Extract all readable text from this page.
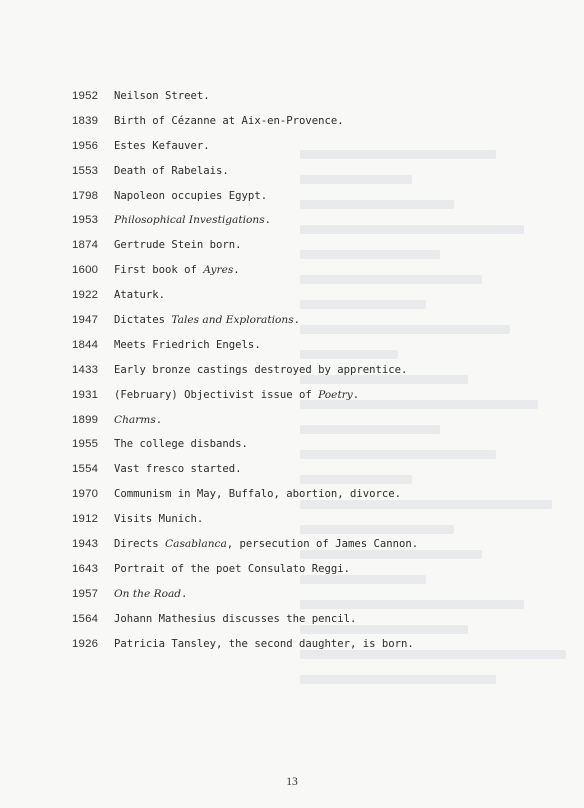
1952	Neilson Street.
1839	Birth of Cézanne at Aix-en-Provence.
1956	Estes Kefauver.
1553	Death of Rabelais.
1798	Napoleon occupies Egypt.
1953	Philosophical Investigations.
1874	Gertrude Stein born.
1600	First book of Ayres.
1922	Ataturk.
1947	Dictates Tales and Explorations.
1844	Meets Friedrich Engels.
1433	Early bronze castings destroyed by apprentice.
1931	(February) Objectivist issue of Poetry.
1899	Charms.
1955	The college disbands.
1554	Vast fresco started.
1970	Communism in May, Buffalo, abortion, divorce.
1912	Visits Munich.
1943	Directs Casablanca, persecution of James Cannon.
1643	Portrait of the poet Consulato Reggi.
1957	On the Road.
1564	Johann Mathesius discusses the pencil.
1926	Patricia Tansley, the second daughter, is born.
13
